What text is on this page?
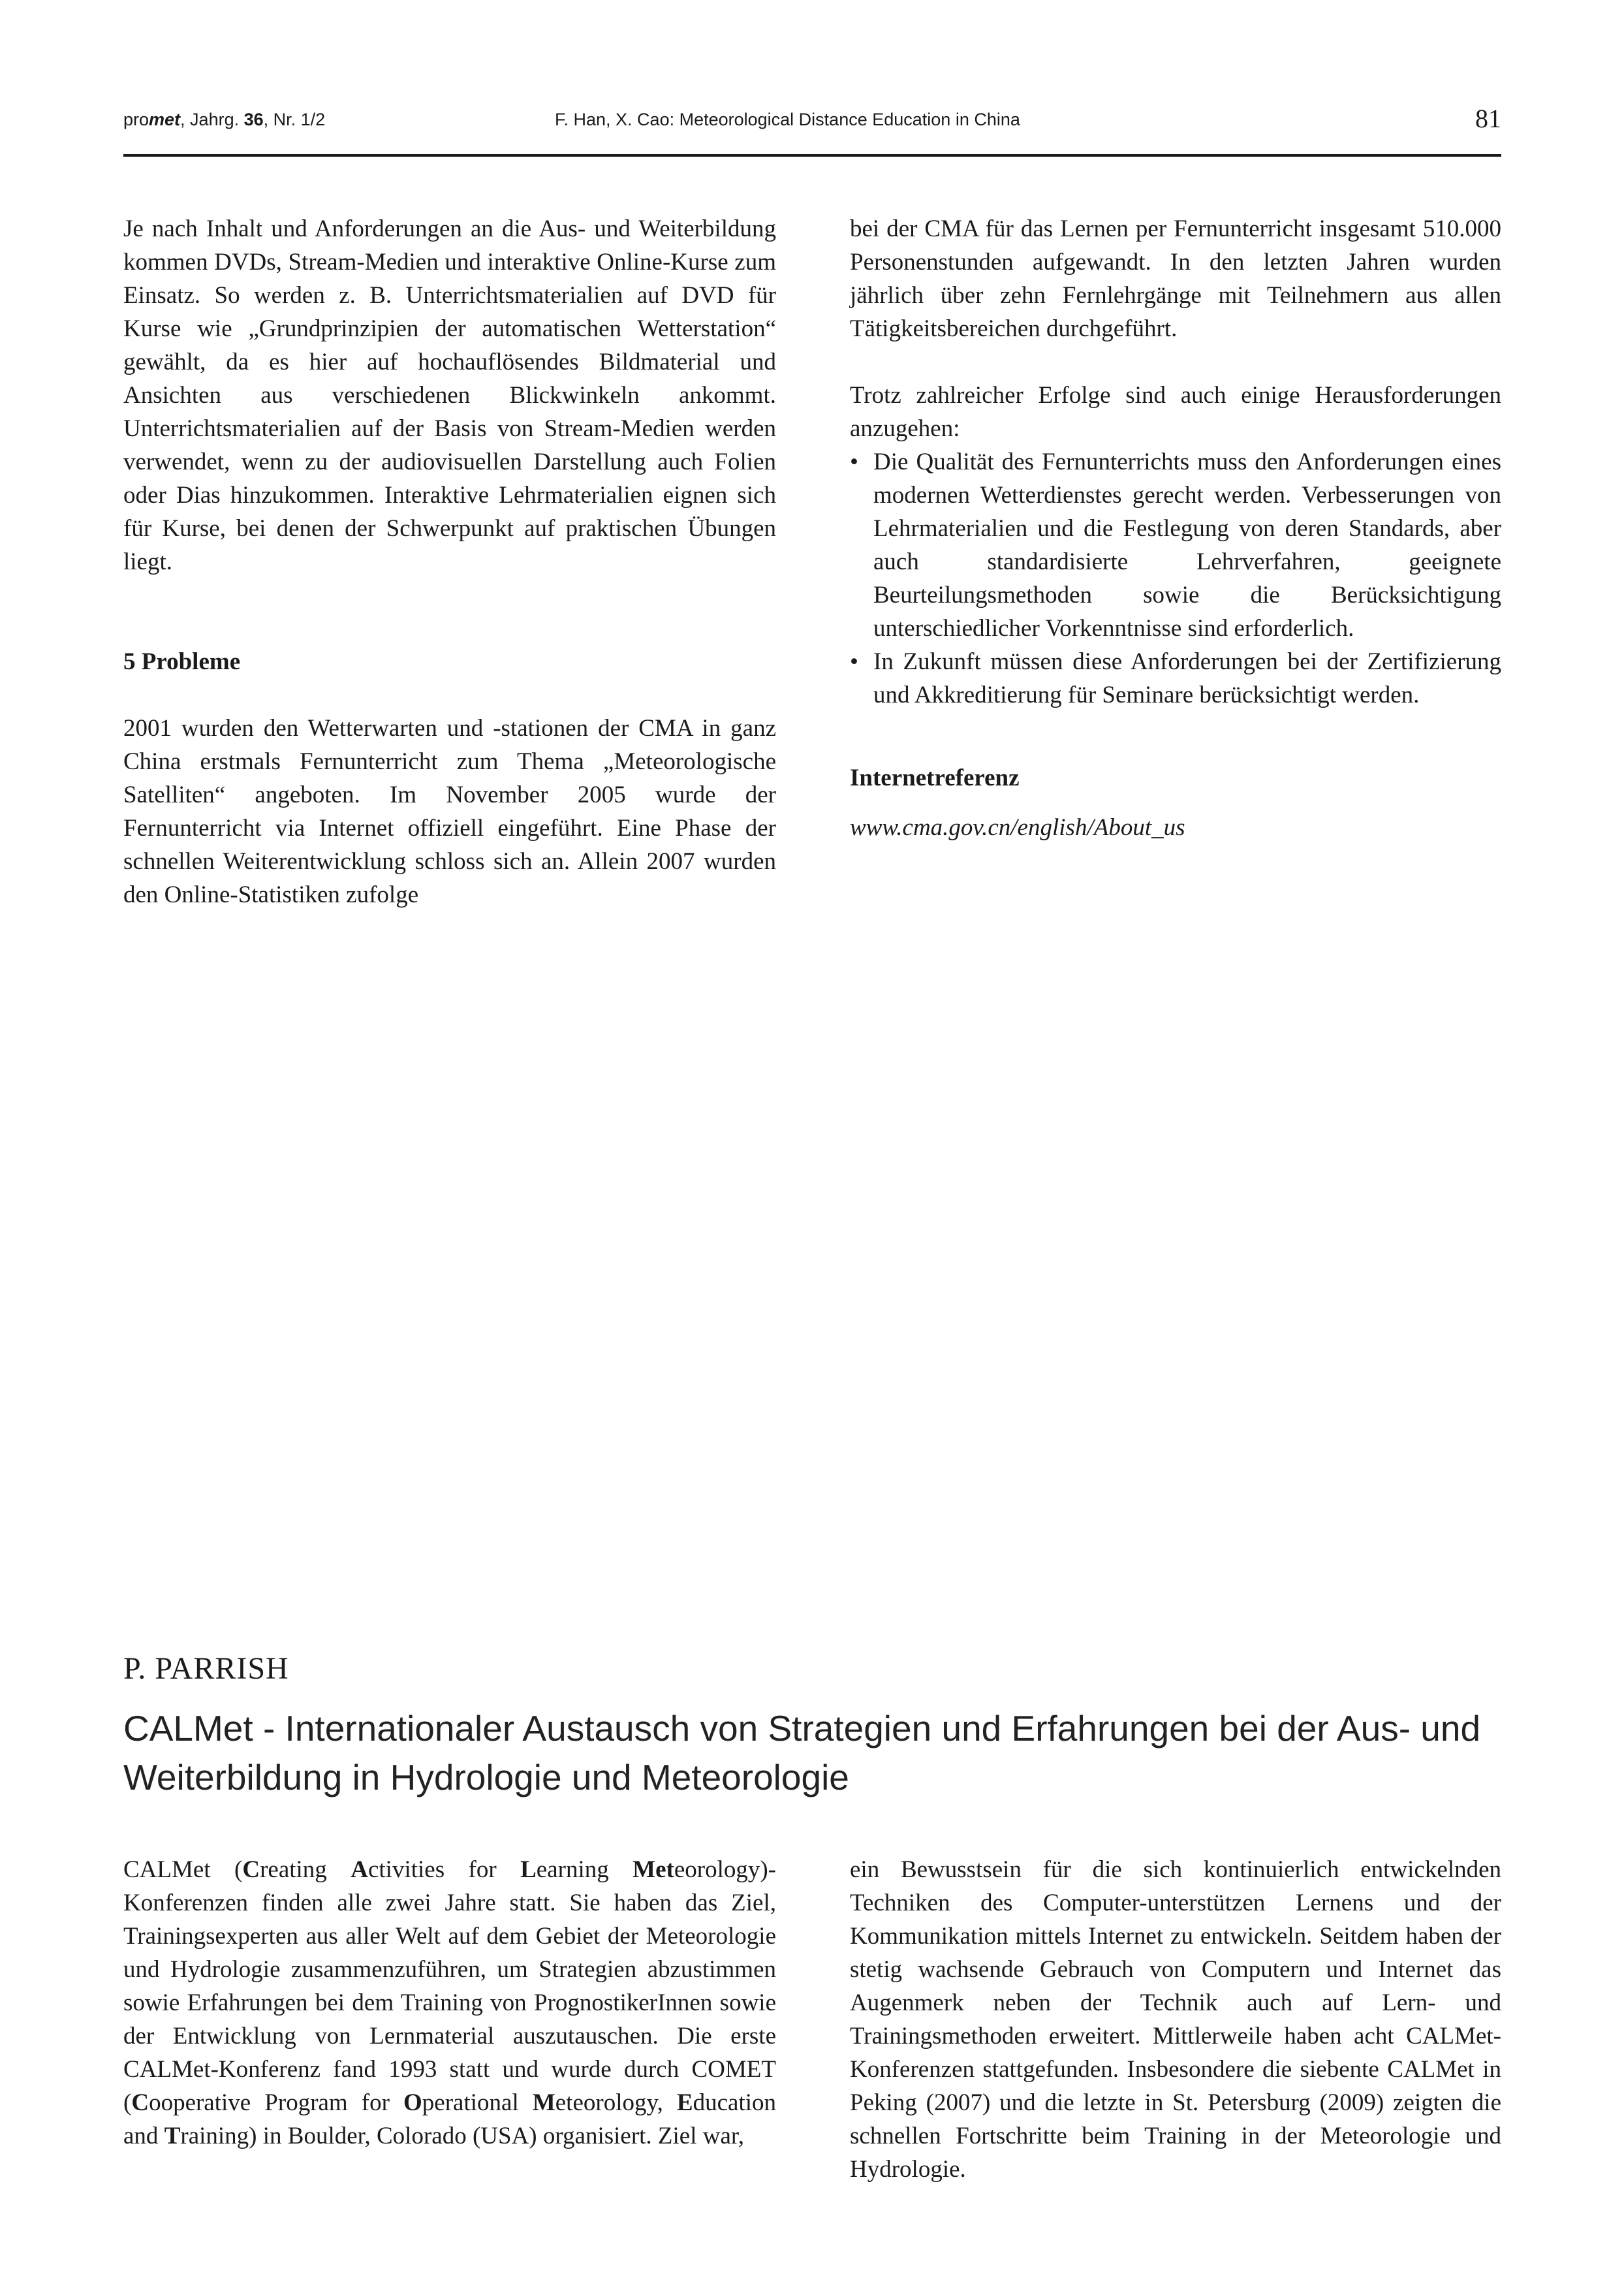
promet, Jahrg. 36, Nr. 1/2	F. Han, X. Cao: Meteorological Distance Education in China	81

Je nach Inhalt und Anforderungen an die Aus- und Weiterbildung kommen DVDs, Stream-Medien und interaktive Online-Kurse zum Einsatz. So werden z. B. Unterrichtsmaterialien auf DVD für Kurse wie „Grundprinzipien der automatischen Wetterstation“ gewählt, da es hier auf hochauflösendes Bildmaterial und Ansichten aus verschiedenen Blickwinkeln ankommt. Unterrichtsmaterialien auf der Basis von Stream-Medien werden verwendet, wenn zu der audiovisuellen Darstellung auch Folien oder Dias hinzukommen. Interaktive Lehrmaterialien eignen sich für Kurse, bei denen der Schwerpunkt auf praktischen Übungen liegt.

5 Probleme

2001 wurden den Wetterwarten und -stationen der CMA in ganz China erstmals Fernunterricht zum Thema „Meteorologische Satelliten“ angeboten. Im November 2005 wurde der Fernunterricht via Internet offiziell eingeführt. Eine Phase der schnellen Weiterentwicklung schloss sich an. Allein 2007 wurden den Online-Statistiken zufolge

bei der CMA für das Lernen per Fernunterricht insgesamt 510.000 Personenstunden aufgewandt. In den letzten Jahren wurden jährlich über zehn Fernlehrgänge mit Teilnehmern aus allen Tätigkeitsbereichen durchgeführt.

Trotz zahlreicher Erfolge sind auch einige Herausforderungen anzugehen:

• Die Qualität des Fernunterrichts muss den Anforderungen eines modernen Wetterdienstes gerecht werden. Verbesserungen von Lehrmaterialien und die Festlegung von deren Standards, aber auch standardisierte Lehrverfahren, geeignete Beurteilungsmethoden sowie die Berücksichtigung unterschiedlicher Vorkenntnisse sind erforderlich.
• In Zukunft müssen diese Anforderungen bei der Zertifizierung und Akkreditierung für Seminare berücksichtigt werden.

Internetreferenz

www.cma.gov.cn/english/About_us

P. PARRISH
CALMet - Internationaler Austausch von Strategien und Erfahrungen bei der Aus- und Weiterbildung in Hydrologie und Meteorologie

CALMet (Creating Activities for Learning Meteorology)-Konferenzen finden alle zwei Jahre statt. Sie haben das Ziel, Trainingsexperten aus aller Welt auf dem Gebiet der Meteorologie und Hydrologie zusammenzuführen, um Strategien abzustimmen sowie Erfahrungen bei dem Training von PrognostikerInnen sowie der Entwicklung von Lernmaterial auszutauschen. Die erste CALMet-Konferenz fand 1993 statt und wurde durch COMET (Cooperative Program for Operational Meteorology, Education and Training) in Boulder, Colorado (USA) organisiert. Ziel war,

ein Bewusstsein für die sich kontinuierlich entwickelnden Techniken des Computer-unterstützen Lernens und der Kommunikation mittels Internet zu entwickeln. Seitdem haben der stetig wachsende Gebrauch von Computern und Internet das Augenmerk neben der Technik auch auf Lern- und Trainingsmethoden erweitert. Mittlerweile haben acht CALMet-Konferenzen stattgefunden. Insbesondere die siebente CALMet in Peking (2007) und die letzte in St. Petersburg (2009) zeigten die schnellen Fortschritte beim Training in der Meteorologie und Hydrologie.
